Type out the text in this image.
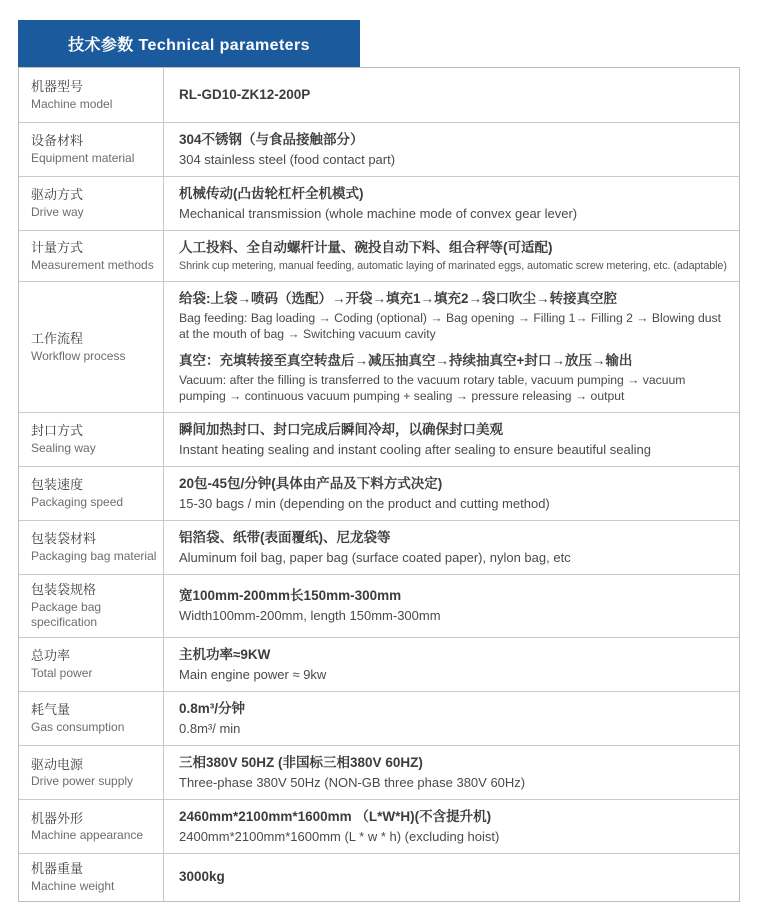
技术参数 Technical parameters
机器型号
Machine model
RL-GD10-ZK12-200P
设备材料
Equipment material
304不锈钢（与食品接触部分）
304 stainless steel (food contact part)
驱动方式
Drive way
机械传动(凸齿轮杠杆全机模式)
Mechanical transmission (whole machine mode of convex gear lever)
计量方式
Measurement methods
人工投料、全自动螺杆计量、碗投自动下料、组合秤等(可适配)
Shrink cup metering, manual feeding, automatic laying of marinated eggs, automatic screw metering, etc. (adaptable)
工作流程
Workflow process
给袋:上袋→喷码（选配）→开袋→填充1→填充2→袋口吹尘→转接真空腔
Bag feeding: Bag loading → Coding (optional) → Bag opening → Filling 1→ Filling 2 → Blowing dust at the mouth of bag → Switching vacuum cavity
真空：充填转接至真空转盘后→减压抽真空→持续抽真空+封口→放压→输出
Vacuum: after the filling is transferred to the vacuum rotary table, vacuum pumping → vacuum pumping → continuous vacuum pumping + sealing → pressure releasing → output
封口方式
Sealing way
瞬间加热封口、封口完成后瞬间冷却，以确保封口美观
Instant heating sealing and instant cooling after sealing to ensure beautiful sealing
包装速度
Packaging speed
20包-45包/分钟(具体由产品及下料方式决定)
15-30 bags / min (depending on the product and cutting method)
包装袋材料
Packaging bag material
铝箔袋、纸带(表面覆纸)、尼龙袋等
Aluminum foil bag, paper bag (surface coated paper), nylon bag, etc
包装袋规格
Package bag specification
宽100mm-200mm长150mm-300mm
Width100mm-200mm, length 150mm-300mm
总功率
Total power
主机功率≈9KW
Main engine power ≈ 9kw
耗气量
Gas consumption
0.8m³/分钟
0.8m³/ min
驱动电源
Drive power supply
三相380V 50HZ (非国标三相380V 60HZ)
Three-phase 380V 50Hz (NON-GB three phase 380V 60Hz)
机器外形
Machine appearance
2460mm*2100mm*1600mm （L*W*H)(不含提升机)
2400mm*2100mm*1600mm (L * w * h) (excluding hoist)
机器重量
Machine weight
3000kg
